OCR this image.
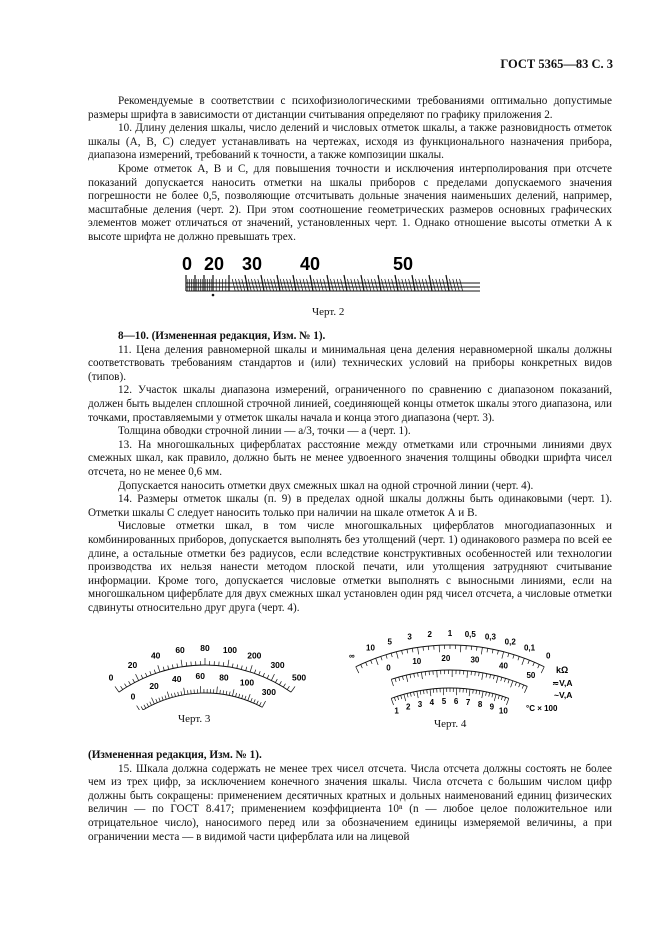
ГОСТ 5365—83 С. 3

Рекомендуемые в соответствии с психофизиологическими требованиями оптимально допустимые размеры шрифта в зависимости от дистанции считывания определяют по графику приложения 2.

10. Длину деления шкалы, число делений и числовых отметок шкалы, а также разновидность отметок шкалы (А, В, С) следует устанавливать на чертежах, исходя из функционального назначения прибора, диапазона измерений, требований к точности, а также композиции шкалы.

Кроме отметок А, В и С, для повышения точности и исключения интерполирования при отсчете показаний допускается наносить отметки на шкалы приборов с пределами допускаемого значения погрешности не более 0,5, позволяющие отсчитывать дольные значения наименьших делений, например, масштабные деления (черт. 2). При этом соотношение геометрических размеров основных графических элементов может отличаться от значений, установленных черт. 1. Однако отношение высоты отметки А к высоте шрифта не должно превышать трех.

0 20 30 40	50
Черт. 2

8—10. (Измененная редакция, Изм. № 1).

11. Цена деления равномерной шкалы и минимальная цена деления неравномерной шкалы должны соответствовать требованиям стандартов и (или) технических условий на приборы конкретных видов (типов).

12. Участок шкалы диапазона измерений, ограниченного по сравнению с диапазоном показаний, должен быть выделен сплошной строчной линией, соединяющей концы отметок шкалы этого диапазона, или точками, проставляемыми у отметок шкалы начала и конца этого диапазона (черт. 3).

Толщина обводки строчной линии — a/3, точки — a (черт. 1).

13. На многошкальных циферблатах расстояние между отметками или строчными линиями двух смежных шкал, как правило, должно быть не менее удвоенного значения толщины обводки шрифта чисел отсчета, но не менее 0,6 мм.

Допускается наносить отметки двух смежных шкал на одной строчной линии (черт. 4).

14. Размеры отметок шкалы (п. 9) в пределах одной шкалы должны быть одинаковыми (черт. 1). Отметки шкалы С следует наносить только при наличии на шкале отметок А и В.

Числовые отметки шкал, в том числе многошкальных циферблатов многодиапазонных и комбинированных приборов, допускается выполнять без утолщений (черт. 1) одинакового размера по всей ее длине, а остальные отметки без радиусов, если вследствие конструктивных особенностей или технологии производства их нельзя нанести методом плоской печати, или утолщения затрудняют считывание информации. Кроме того, допускается числовые отметки выполнять с выносными линиями, если на многошкальном циферблате для двух смежных шкал установлен один ряд чисел отсчета, а числовые отметки сдвинуты относительно друг друга (черт. 4).

0
20
40
60 80 100
200
300
500
0
20
40 60 80
100
300
Черт. 3
∞
10
5
3 2 1 0,5 0,3
0,2
0,1
0
0
10	20	30
40
50
1 2 3 4 5 6 7 8 9 10
kΩ
≂V,A
~V,A
°C × 100
Черт. 4

(Измененная редакция, Изм. № 1).

15. Шкала должна содержать не менее трех чисел отсчета. Числа отсчета должны состоять не более чем из трех цифр, за исключением конечного значения шкалы. Числа отсчета с большим числом цифр должны быть сокращены: применением десятичных кратных и дольных наименований единиц физических величин — по ГОСТ 8.417; применением коэффициента 10ⁿ (n — любое целое положительное или отрицательное число), наносимого перед или за обозначением единицы измеряемой величины, а при ограничении места — в видимой части циферблата или на лицевой
